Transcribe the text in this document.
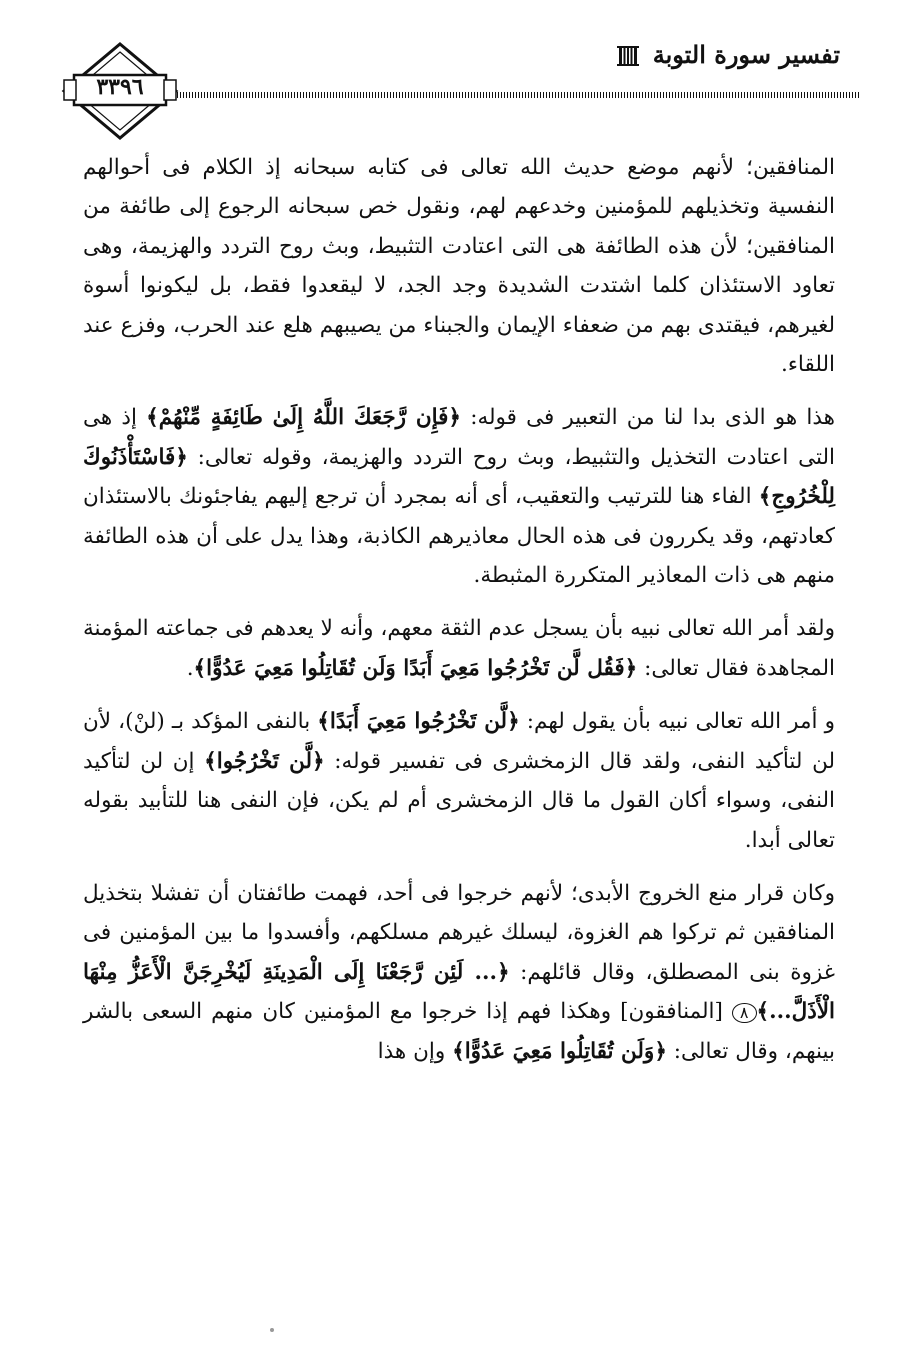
تفسير سورة التوبة
٣٣٩٦

المنافقين؛ لأنهم موضع حديث الله تعالى فى كتابه سبحانه إذ الكلام فى أحوالهم النفسية وتخذيلهم للمؤمنين وخدعهم لهم، ونقول خص سبحانه الرجوع إلى طائفة من المنافقين؛ لأن هذه الطائفة هى التى اعتادت التثبيط، وبث روح التردد والهزيمة، وهى تعاود الاستئذان كلما اشتدت الشديدة وجد الجد، لا ليقعدوا فقط، بل ليكونوا أسوة لغيرهم، فيقتدى بهم من ضعفاء الإيمان والجبناء من يصيبهم هلع عند الحرب، وفزع عند اللقاء.

هذا هو الذى بدا لنا من التعبير فى قوله: ﴿فَإِن رَّجَعَكَ اللَّهُ إِلَىٰ طَائِفَةٍ مِّنْهُمْ﴾ إذ هى التى اعتادت التخذيل والتثبيط، وبث روح التردد والهزيمة، وقوله تعالى: ﴿فَاسْتَأْذَنُوكَ لِلْخُرُوجِ﴾ الفاء هنا للترتيب والتعقيب، أى أنه بمجرد أن ترجع إليهم يفاجئونك بالاستئذان كعادتهم، وقد يكررون فى هذه الحال معاذيرهم الكاذبة، وهذا يدل على أن هذه الطائفة منهم هى ذات المعاذير المتكررة المثبطة.

ولقد أمر الله تعالى نبيه بأن يسجل عدم الثقة معهم، وأنه لا يعدهم فى جماعته المؤمنة المجاهدة فقال تعالى: ﴿فَقُل لَّن تَخْرُجُوا مَعِيَ أَبَدًا وَلَن تُقَاتِلُوا مَعِيَ عَدُوًّا﴾.

و أمر الله تعالى نبيه بأن يقول لهم: ﴿لَّن تَخْرُجُوا مَعِيَ أَبَدًا﴾ بالنفى المؤكد بـ (لنْ)، لأن لن لتأكيد النفى، ولقد قال الزمخشرى فى تفسير قوله: ﴿لَّن تَخْرُجُوا﴾ إن لن لتأكيد النفى، وسواء أكان القول ما قال الزمخشرى أم لم يكن، فإن النفى هنا للتأبيد بقوله تعالى أبدا.

وكان قرار منع الخروج الأبدى؛ لأنهم خرجوا فى أحد، فهمت طائفتان أن تفشلا بتخذيل المنافقين ثم تركوا هم الغزوة، ليسلك غيرهم مسلكهم، وأفسدوا ما بين المؤمنين فى غزوة بنى المصطلق، وقال قائلهم: ﴿... لَئِن رَّجَعْنَا إِلَى الْمَدِينَةِ لَيُخْرِجَنَّ الْأَعَزُّ مِنْهَا الْأَذَلَّ...﴾٨ [المنافقون] وهكذا فهم إذا خرجوا مع المؤمنين كان منهم السعى بالشر بينهم، وقال تعالى: ﴿وَلَن تُقَاتِلُوا مَعِيَ عَدُوًّا﴾ وإن هذا
